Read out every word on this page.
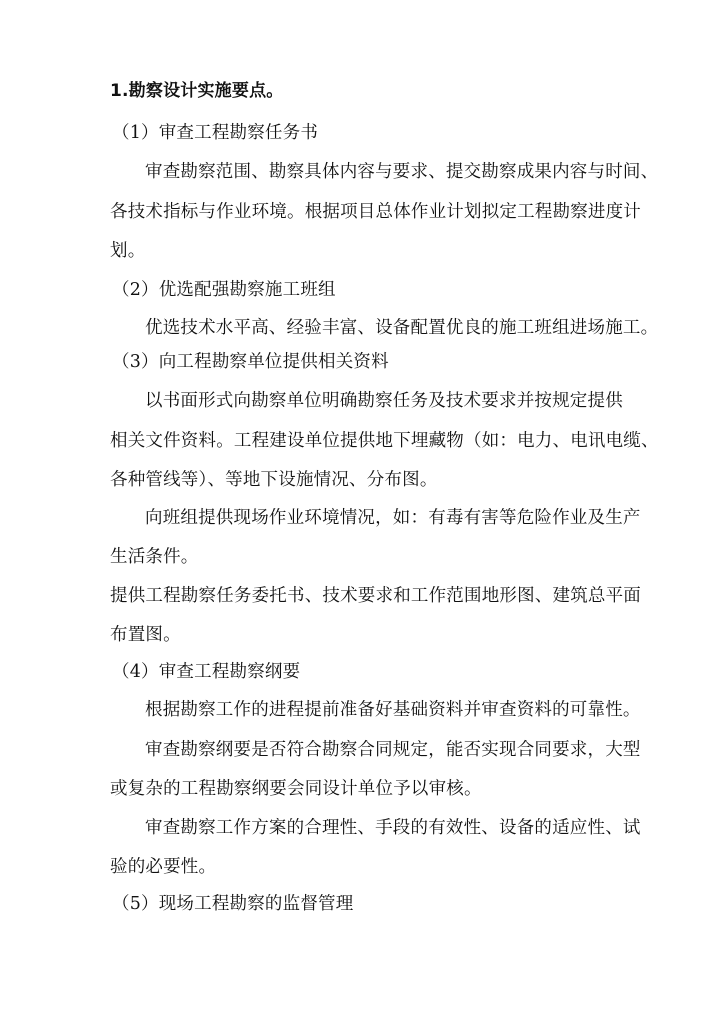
1.勘察设计实施要点。
（1）审查工程勘察任务书
审查勘察范围、勘察具体内容与要求、提交勘察成果内容与时间、
各技术指标与作业环境。根据项目总体作业计划拟定工程勘察进度计
划。
（2）优选配强勘察施工班组
优选技术水平高、经验丰富、设备配置优良的施工班组进场施工。
（3）向工程勘察单位提供相关资料
以书面形式向勘察单位明确勘察任务及技术要求并按规定提供
相关文件资料。工程建设单位提供地下埋藏物（如：电力、电讯电缆、
各种管线等）、等地下设施情况、分布图。
向班组提供现场作业环境情况，如：有毒有害等危险作业及生产
生活条件。
提供工程勘察任务委托书、技术要求和工作范围地形图、建筑总平面
布置图。
（4）审查工程勘察纲要
根据勘察工作的进程提前准备好基础资料并审查资料的可靠性。
审查勘察纲要是否符合勘察合同规定，能否实现合同要求，大型
或复杂的工程勘察纲要会同设计单位予以审核。
审查勘察工作方案的合理性、手段的有效性、设备的适应性、试
验的必要性。
（5）现场工程勘察的监督管理
